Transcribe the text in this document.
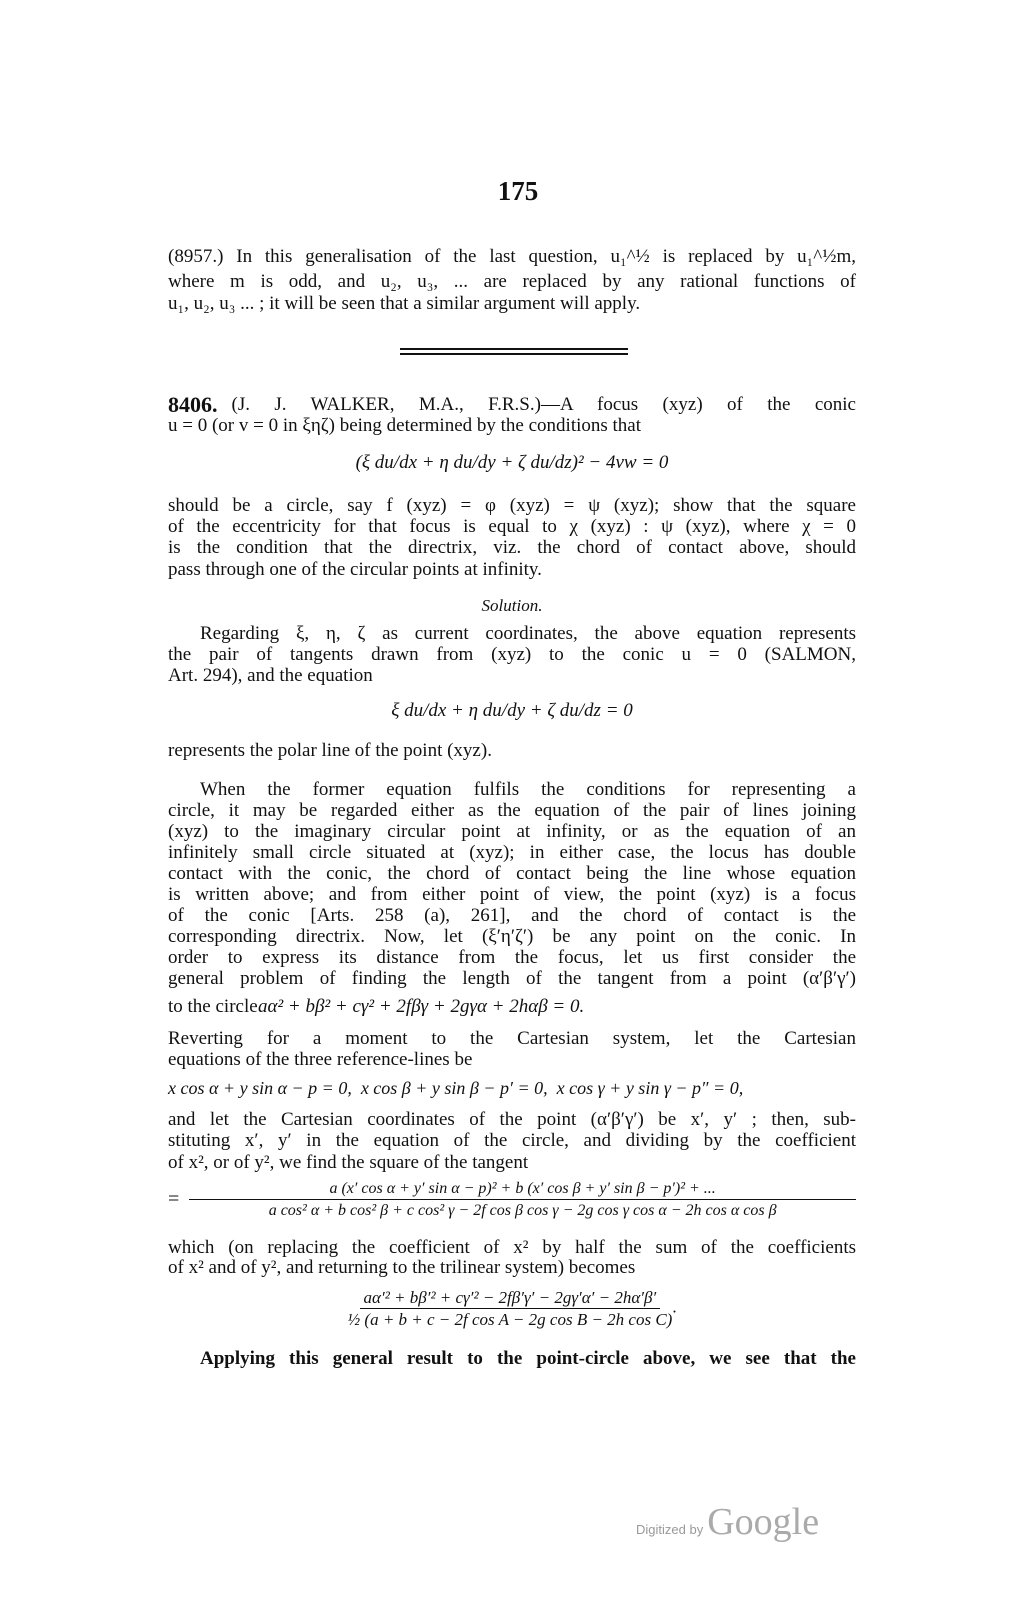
175
(8957.) In this generalisation of the last question, u₁^½ is replaced by u₁^½m,
where m is odd, and u₂, u₃, ... are replaced by any rational functions of
u₁, u₂, u₃ ... ; it will be seen that a similar argument will apply.
8406. (J. J. WALKER, M.A., F.R.S.)—A focus (xyz) of the conic
u = 0 (or v = 0 in ξηζ) being determined by the conditions that
(ξ du/dx + η du/dy + ζ du/dz)² − 4vw = 0
should be a circle, say f (xyz) = φ (xyz) = ψ (xyz); show that the square
of the eccentricity for that focus is equal to χ (xyz) : ψ (xyz), where χ = 0
is the condition that the directrix, viz. the chord of contact above, should
pass through one of the circular points at infinity.
Solution.
Regarding ξ, η, ζ as current coordinates, the above equation represents
the pair of tangents drawn from (xyz) to the conic u = 0 (SALMON,
Art. 294), and the equation
ξ du/dx + η du/dy + ζ du/dz = 0
represents the polar line of the point (xyz).
When the former equation fulfils the conditions for representing a
circle, it may be regarded either as the equation of the pair of lines joining
(xyz) to the imaginary circular point at infinity, or as the equation of an
infinitely small circle situated at (xyz); in either case, the locus has double
contact with the conic, the chord of contact being the line whose equation
is written above; and from either point of view, the point (xyz) is a focus
of the conic [Arts. 258 (a), 261], and the chord of contact is the
corresponding directrix. Now, let (ξ′η′ζ′) be any point on the conic. In
order to express its distance from the focus, let us first consider the
general problem of finding the length of the tangent from a point (α′β′γ′)
to the circle aα² + bβ² + cγ² + 2fβγ + 2gγα + 2hαβ = 0.
Reverting for a moment to the Cartesian system, let the Cartesian
equations of the three reference-lines be
x cos α + y sin α − p = 0,  x cos β + y sin β − p′ = 0,  x cos γ + y sin γ − p″ = 0,
and let the Cartesian coordinates of the point (α′β′γ′) be x′, y′ ; then, sub-
stituting x′, y′ in the equation of the circle, and dividing by the coefficient
of x², or of y², we find the square of the tangent
=	a (x′ cos α + y′ sin α − p)² + b (x′ cos β + y′ sin β − p′)² + ...
a cos² α + b cos² β + c cos² γ − 2f cos β cos γ − 2g cos γ cos α − 2h cos α cos β
which (on replacing the coefficient of x² by half the sum of the coefficients
of x² and of y², and returning to the trilinear system) becomes
$\frac{\text{aα′² + bβ′² + cγ′² − 2fβ′γ′ − 2gγ′α′ − 2hα′β′}}{\text{½ (a + b + c − 2f cos A − 2g cos B − 2h cos C)}}$ .
Applying this general result to the point-circle above, we see that the
Digitized by Google
